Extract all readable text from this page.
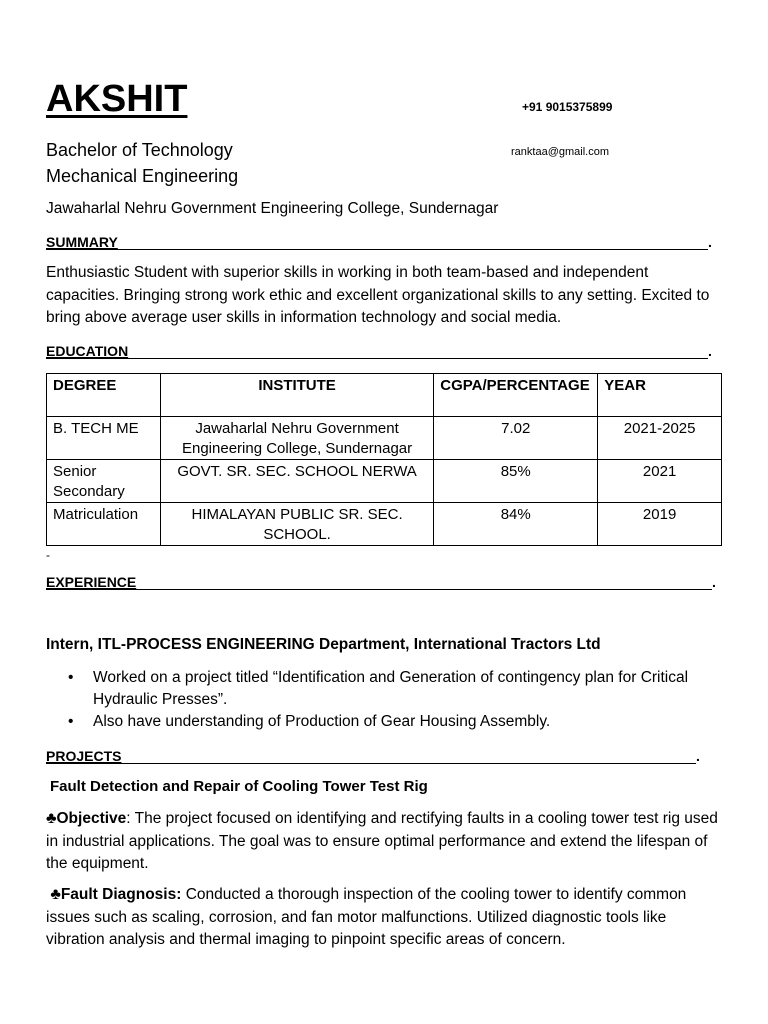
AKSHIT	+91 9015375899
ranktaa@gmail.com
Bachelor of Technology
Mechanical Engineering
Jawaharlal Nehru Government Engineering College, Sundernagar
SUMMARY	.
Enthusiastic Student with superior skills in working in both team-based and independent capacities. Bringing strong work ethic and excellent organizational skills to any setting. Excited to bring above average user skills in information technology and social media.
EDUCATION	.
DEGREE	INSTITUTE	CGPA/PERCENTAGE	YEAR
B. TECH ME	Jawaharlal Nehru Government Engineering College, Sundernagar	7.02	2021-2025
Senior Secondary	GOVT. SR. SEC. SCHOOL NERWA	85%	2021
Matriculation	HIMALAYAN PUBLIC SR. SEC. SCHOOL.	84%	2019
-
EXPERIENCE	.
Intern, ITL-PROCESS ENGINEERING Department, International Tractors Ltd
• Worked on a project titled “Identification and Generation of contingency plan for Critical Hydraulic Presses”.
• Also have understanding of Production of Gear Housing Assembly.
PROJECTS	.
Fault Detection and Repair of Cooling Tower Test Rig
♣Objective: The project focused on identifying and rectifying faults in a cooling tower test rig used in industrial applications. The goal was to ensure optimal performance and extend the lifespan of the equipment.
♣Fault Diagnosis: Conducted a thorough inspection of the cooling tower to identify common issues such as scaling, corrosion, and fan motor malfunctions. Utilized diagnostic tools like vibration analysis and thermal imaging to pinpoint specific areas of concern.
